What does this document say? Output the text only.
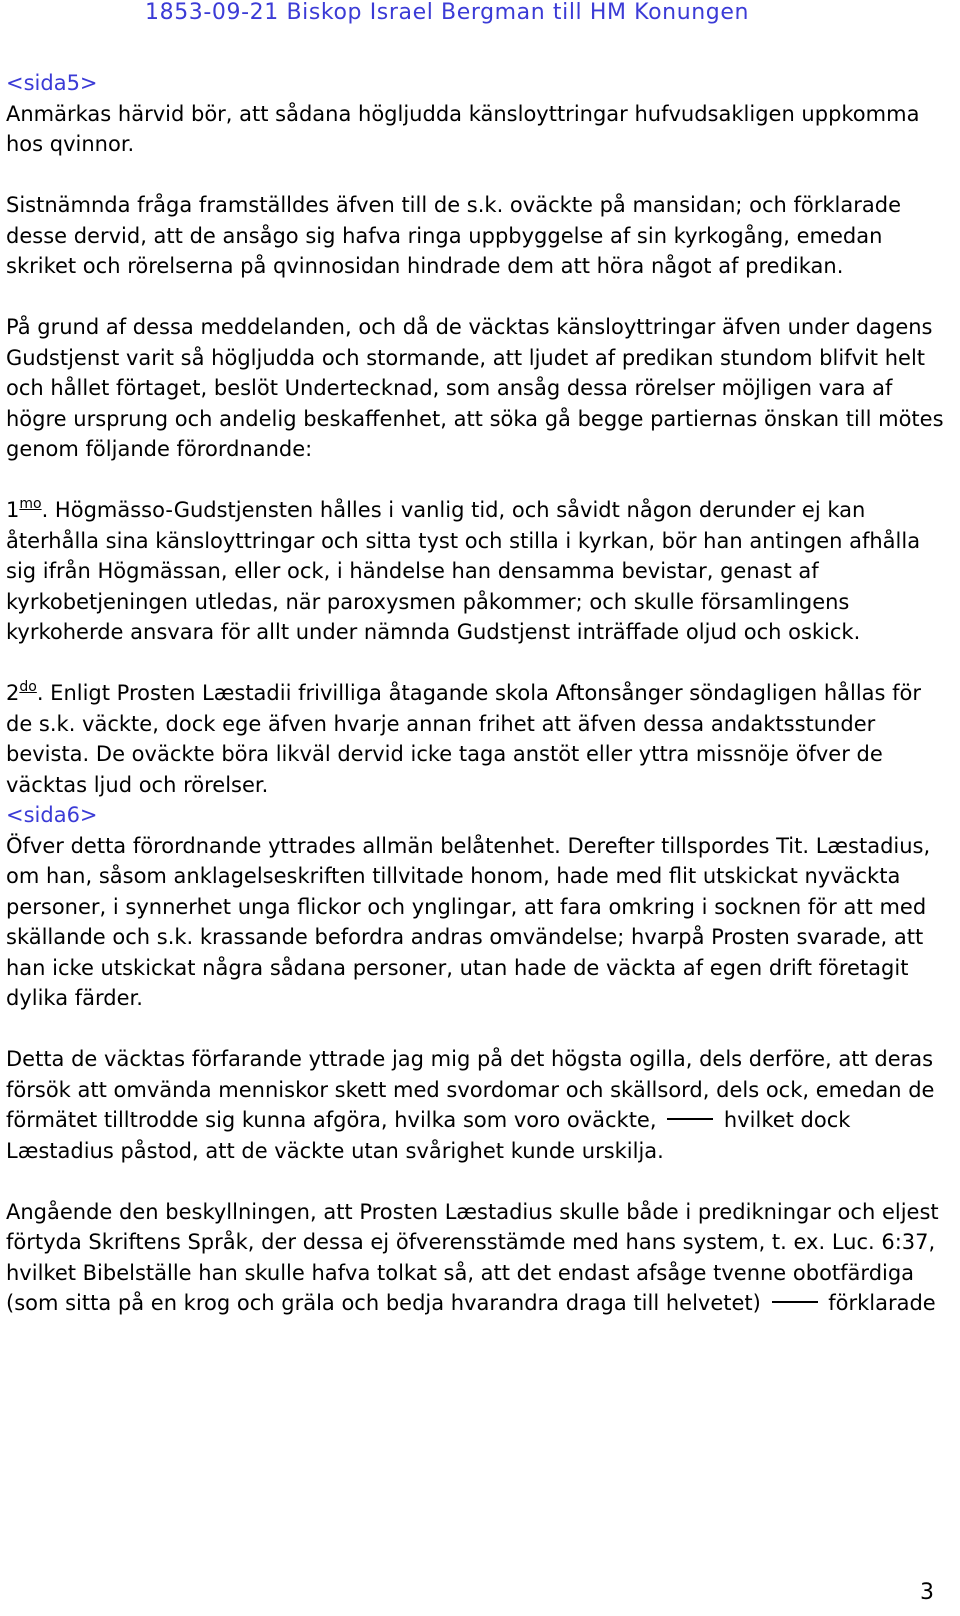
1853-09-21 Biskop Israel Bergman till HM Konungen
<sida5>

Anmärkas härvid bör, att sådana högljudda känsloyttringar hufvudsakligen uppkomma hos qvinnor.

Sistnämnda fråga framställdes äfven till de s.k. oväckte på mansidan; och förklarade desse dervid, att de ansågo sig hafva ringa uppbyggelse af sin kyrkogång, emedan skriket och rörelserna på qvinnosidan hindrade dem att höra något af predikan.

På grund af dessa meddelanden, och då de väcktas känsloyttringar äfven under dagens Gudstjenst varit så högljudda och stormande, att ljudet af predikan stundom blifvit helt och hållet förtaget, beslöt Undertecknad, som ansåg dessa rörelser möjligen vara af högre ursprung och andelig beskaffenhet, att söka gå begge partiernas önskan till mötes genom följande förordnande:

$1^{mo}$. Högmässo-Gudstjensten hålles i vanlig tid, och såvidt någon derunder ej kan återhålla sina känsloyttringar och sitta tyst och stilla i kyrkan, bör han antingen afhålla sig ifrån Högmässan, eller ock, i händelse han densamma bevistar, genast af kyrkobetjeningen utledas, när paroxysmen påkommer; och skulle församlingens kyrkoherde ansvara för allt under nämnda Gudstjenst inträffade oljud och oskick.

$2^{do}$. Enligt Prosten Læstadii frivilliga åtagande skola Aftonsånger söndagligen hållas för de s.k. väckte, dock ege äfven hvarje annan frihet att äfven dessa andaktsstunder bevista. De oväckte böra likväl dervid icke taga anstöt eller yttra missnöje öfver de väcktas ljud och rörelser.

<sida6>

Öfver detta förordnande yttrades allmän belåtenhet. Derefter tillspordes Tit. Læstadius, om han, såsom anklagelseskriften tillvitade honom, hade med flit utskickat nyväckta personer, i synnerhet unga flickor och ynglingar, att fara omkring i socknen för att med skällande och s.k. krassande befordra andras omvändelse; hvarpå Prosten svarade, att han icke utskickat några sådana personer, utan hade de väckta af egen drift företagit dylika färder.

Detta de väcktas förfarande yttrade jag mig på det högsta ogilla, dels derföre, att deras försök att omvända menniskor skett med svordomar och skällsord, dels ock, emedan de förmätet tilltrodde sig kunna afgöra, hvilka som voro oväckte,	hvilket dock Læstadius påstod, att de väckte utan svårighet kunde urskilja.

Angående den beskyllningen, att Prosten Læstadius skulle både i predikningar och eljest förtyda Skriftens Språk, der dessa ej öfverensstämde med hans system, t. ex. Luc. 6:37, hvilket Bibelställe han skulle hafva tolkat så, att det endast afsåge tvenne obotfärdiga (som sitta på en krog och gräla och bedja hvarandra draga till helvetet)	förklarade

3
